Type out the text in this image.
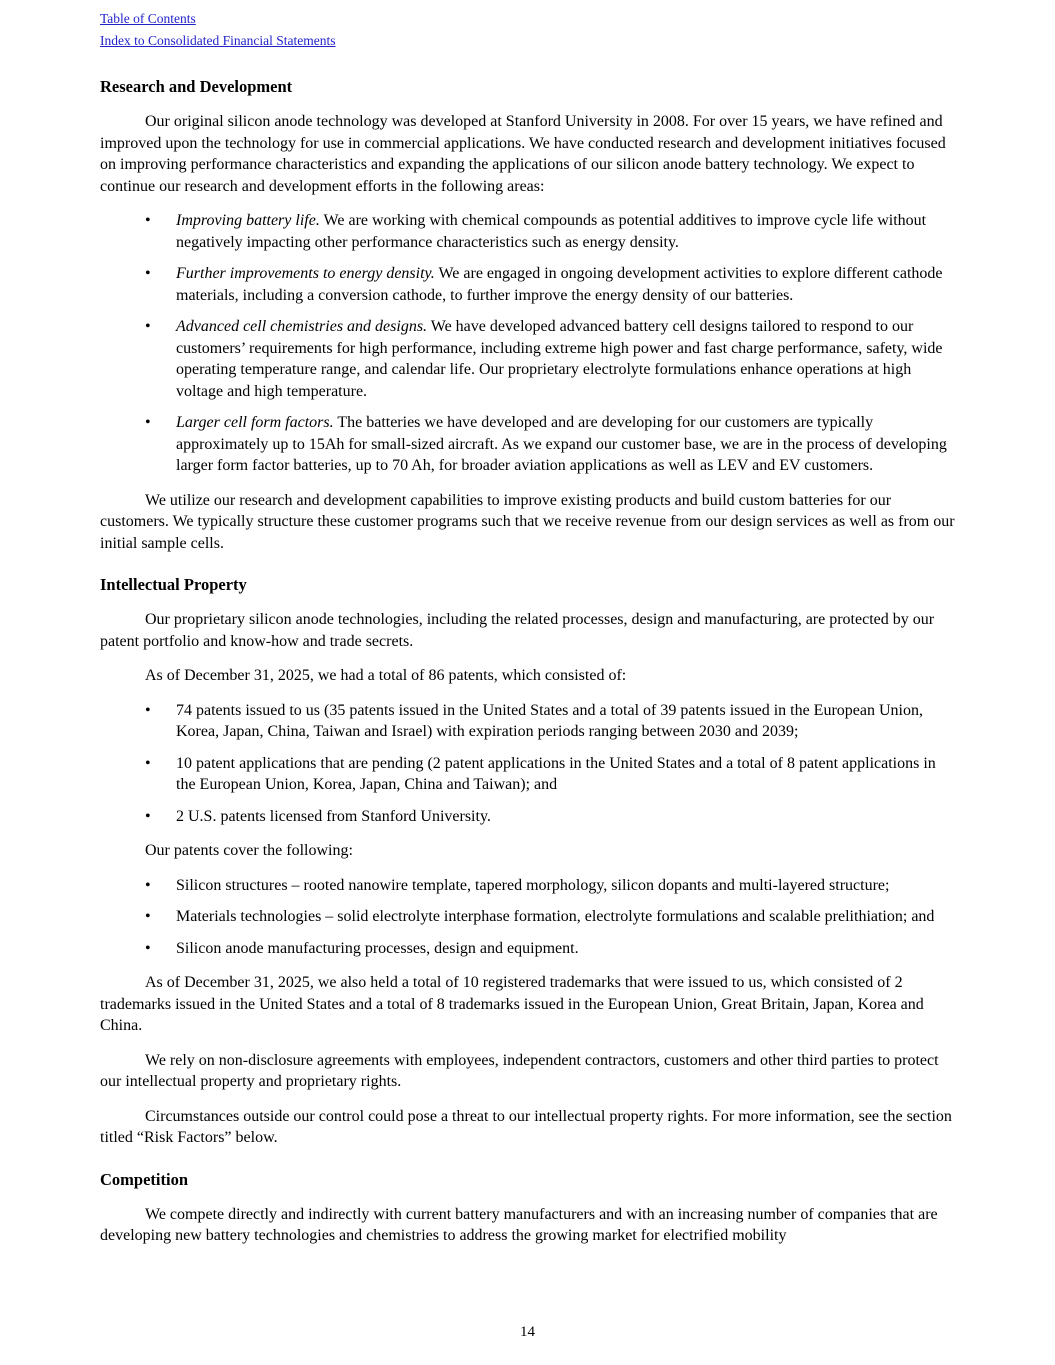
Table of Contents
Index to Consolidated Financial Statements
Research and Development

Our original silicon anode technology was developed at Stanford University in 2008. For over 15 years, we have refined and improved upon the technology for use in commercial applications. We have conducted research and development initiatives focused on improving performance characteristics and expanding the applications of our silicon anode battery technology. We expect to continue our research and development efforts in the following areas:

•
Improving battery life. We are working with chemical compounds as potential additives to improve cycle life without negatively impacting other performance characteristics such as energy density.
•
Further improvements to energy density. We are engaged in ongoing development activities to explore different cathode materials, including a conversion cathode, to further improve the energy density of our batteries.
•
Advanced cell chemistries and designs. We have developed advanced battery cell designs tailored to respond to our customers’ requirements for high performance, including extreme high power and fast charge performance, safety, wide operating temperature range, and calendar life. Our proprietary electrolyte formulations enhance operations at high voltage and high temperature.
•
Larger cell form factors. The batteries we have developed and are developing for our customers are typically approximately up to 15Ah for small-sized aircraft. As we expand our customer base, we are in the process of developing larger form factor batteries, up to 70 Ah, for broader aviation applications as well as LEV and EV customers.

We utilize our research and development capabilities to improve existing products and build custom batteries for our customers. We typically structure these customer programs such that we receive revenue from our design services as well as from our initial sample cells.

Intellectual Property

Our proprietary silicon anode technologies, including the related processes, design and manufacturing, are protected by our patent portfolio and know-how and trade secrets.

As of December 31, 2025, we had a total of 86 patents, which consisted of:

•
74 patents issued to us (35 patents issued in the United States and a total of 39 patents issued in the European Union, Korea, Japan, China, Taiwan and Israel) with expiration periods ranging between 2030 and 2039;
•
10 patent applications that are pending (2 patent applications in the United States and a total of 8 patent applications in the European Union, Korea, Japan, China and Taiwan); and
•
2 U.S. patents licensed from Stanford University.

Our patents cover the following:

•
Silicon structures – rooted nanowire template, tapered morphology, silicon dopants and multi-layered structure;
•
Materials technologies – solid electrolyte interphase formation, electrolyte formulations and scalable prelithiation; and
•
Silicon anode manufacturing processes, design and equipment.

As of December 31, 2025, we also held a total of 10 registered trademarks that were issued to us, which consisted of 2 trademarks issued in the United States and a total of 8 trademarks issued in the European Union, Great Britain, Japan, Korea and China.

We rely on non-disclosure agreements with employees, independent contractors, customers and other third parties to protect our intellectual property and proprietary rights.

Circumstances outside our control could pose a threat to our intellectual property rights. For more information, see the section titled “Risk Factors” below.

Competition

We compete directly and indirectly with current battery manufacturers and with an increasing number of companies that are developing new battery technologies and chemistries to address the growing market for electrified mobility

14
